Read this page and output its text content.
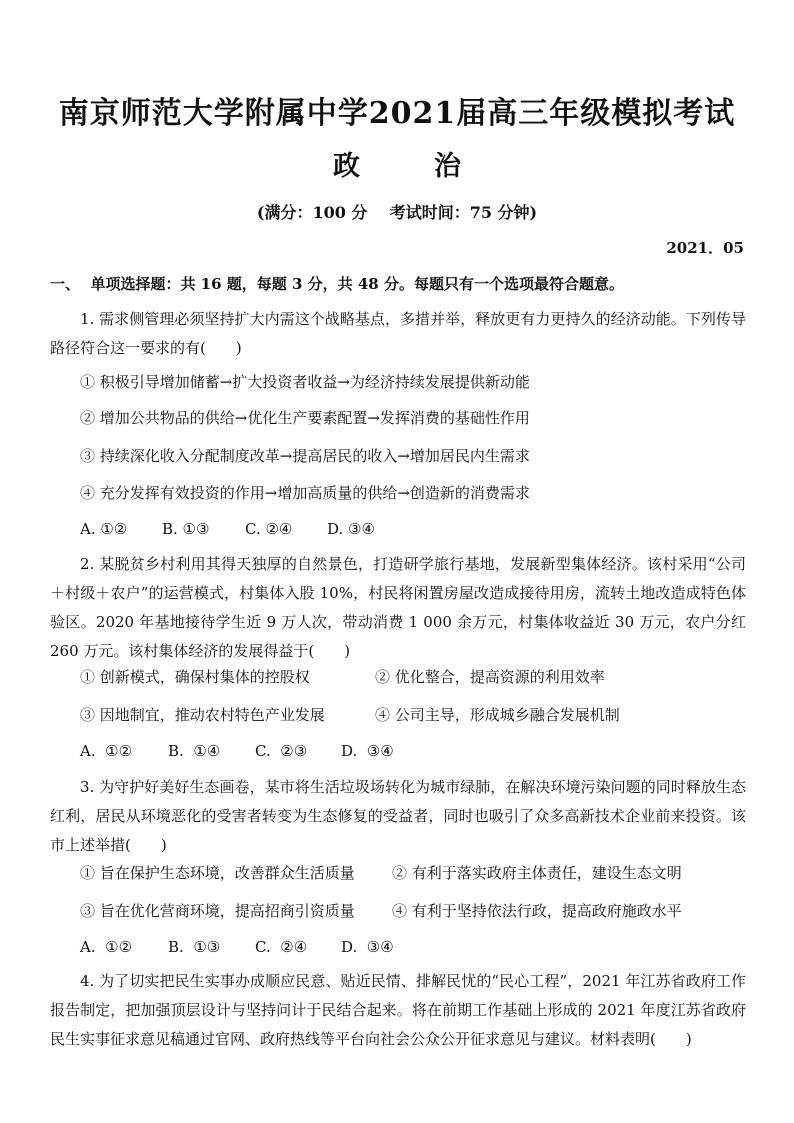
南京师范大学附属中学2021届高三年级模拟考试
政	治
(满分：100 分    考试时间：75 分钟)
2021．05
一、  单项选择题：共 16 题，每题 3 分，共 48 分。每题只有一个选项最符合题意。
1. 需求侧管理必须坚持扩大内需这个战略基点，多措并举，释放更有力更持久的经济动能。下列传导路径符合这一要求的有(　　)
① 积极引导增加储蓄→扩大投资者收益→为经济持续发展提供新动能
② 增加公共物品的供给→优化生产要素配置→发挥消费的基础性作用
③ 持续深化收入分配制度改革→提高居民的收入→增加居民内生需求
④ 充分发挥有效投资的作用→增加高质量的供给→创造新的消费需求
A. ①② B. ①③ C. ②④ D. ③④
2. 某脱贫乡村利用其得天独厚的自然景色，打造研学旅行基地，发展新型集体经济。该村采用“公司＋村级＋农户”的运营模式，村集体入股 10%，村民将闲置房屋改造成接待用房，流转土地改造成特色体验区。2020 年基地接待学生近 9 万人次，带动消费 1 000 余万元，村集体收益近 30 万元，农户分红 260 万元。该村集体经济的发展得益于(　　)
① 创新模式，确保村集体的控股权	② 优化整合，提高资源的利用效率
③ 因地制宜，推动农村特色产业发展	④ 公司主导，形成城乡融合发展机制
A.  ①② B.  ①④ C.  ②③ D.  ③④
3. 为守护好美好生态画卷，某市将生活垃圾场转化为城市绿肺，在解决环境污染问题的同时释放生态红利，居民从环境恶化的受害者转变为生态修复的受益者，同时也吸引了众多高新技术企业前来投资。该市上述举措(　　)
① 旨在保护生态环境，改善群众生活质量 ② 有利于落实政府主体责任，建设生态文明
③ 旨在优化营商环境，提高招商引资质量 ④ 有利于坚持依法行政，提高政府施政水平
A.  ①② B.  ①③ C.  ②④ D.  ③④
4. 为了切实把民生实事办成顺应民意、贴近民情、排解民忧的“民心工程”，2021 年江苏省政府工作报告制定，把加强顶层设计与坚持问计于民结合起来。将在前期工作基础上形成的 2021 年度江苏省政府民生实事征求意见稿通过官网、政府热线等平台向社会公众公开征求意见与建议。材料表明(　　)
